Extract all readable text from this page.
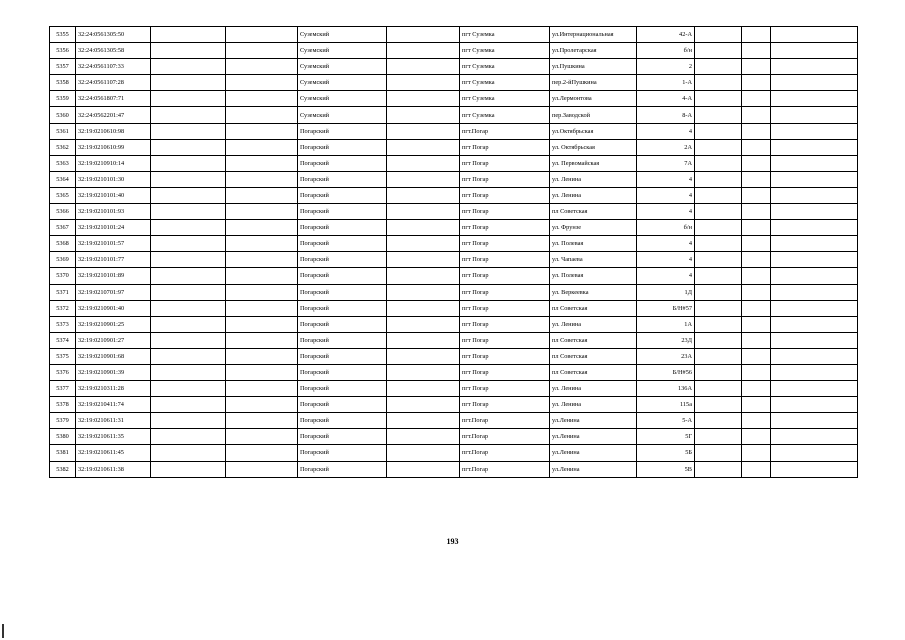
5355	32:24:0561305:50			Суземский		пгт Суземка	ул.Интернациональная	42-А			
5356	32:24:0561305:58			Суземский		пгт Суземка	ул.Пролетарская	б/н			
5357	32:24:0561107:33			Суземский		пгт Суземка	ул.Пушкина	2			
5358	32:24:0561107:28			Суземский		пгт Суземка	пер.2-йПушкина	1-А			
5359	32:24:0561807:71			Суземский		пгт Суземка	ул.Лермонтова	4-А			
5360	32:24:0562201:47			Суземский		пгт Суземка	пер.Заводской	8-А			
5361	32:19:0210610:98			Погарский		пгт.Погар	ул.Октябрьская	4			
5362	32:19:0210610:99			Погарский		пгт Погар	ул. Октябрьская	2А			
5363	32:19:0210910:14			Погарский		пгт Погар	ул. Первомайская	7А			
5364	32:19:0210101:30			Погарский		пгт Погар	ул. Ленина	4			
5365	32:19:0210101:40			Погарский		пгт Погар	ул. Ленина	4			
5366	32:19:0210101:93			Погарский		пгт Погар	пл Советская	4			
5367	32:19:0210101:24			Погарский		пгт Погар	ул. Фрунзе	б/н			
5368	32:19:0210101:57			Погарский		пгт Погар	ул. Полевая	4			
5369	32:19:0210101:77			Погарский		пгт Погар	ул. Чапаева	4			
5370	32:19:0210101:89			Погарский		пгт Погар	ул. Полевая	4			
5371	32:19:0210701:97			Погарский		пгт Погар	ул. Веркеевка	1Д			
5372	32:19:0210901:40			Погарский		пгт Погар	пл Советская	Б/Н#57			
5373	32:19:0210901:25			Погарский		пгт Погар	ул. Ленина	1А			
5374	32:19:0210901:27			Погарский		пгт Погар	пл Советская	23Д			
5375	32:19:0210901:68			Погарский		пгт Погар	пл Советская	23А			
5376	32:19:0210901:39			Погарский		пгт Погар	пл Советская	Б/Н#56			
5377	32:19:0210311:28			Погарский		пгт Погар	ул. Ленина	136А			
5378	32:19:0210411:74			Погарский		пгт Погар	ул. Ленина	115а			
5379	32:19:0210611:31			Погарский		пгт.Погар	ул.Ленина	5-А			
5380	32:19:0210611:35			Погарский		пгт.Погар	ул.Ленина	5Г			
5381	32:19:0210611:45			Погарский		пгт.Погар	ул.Ленина	5Б			
5382	32:19:0210611:38			Погарский		пгт.Погар	ул.Ленина	5В			
193
